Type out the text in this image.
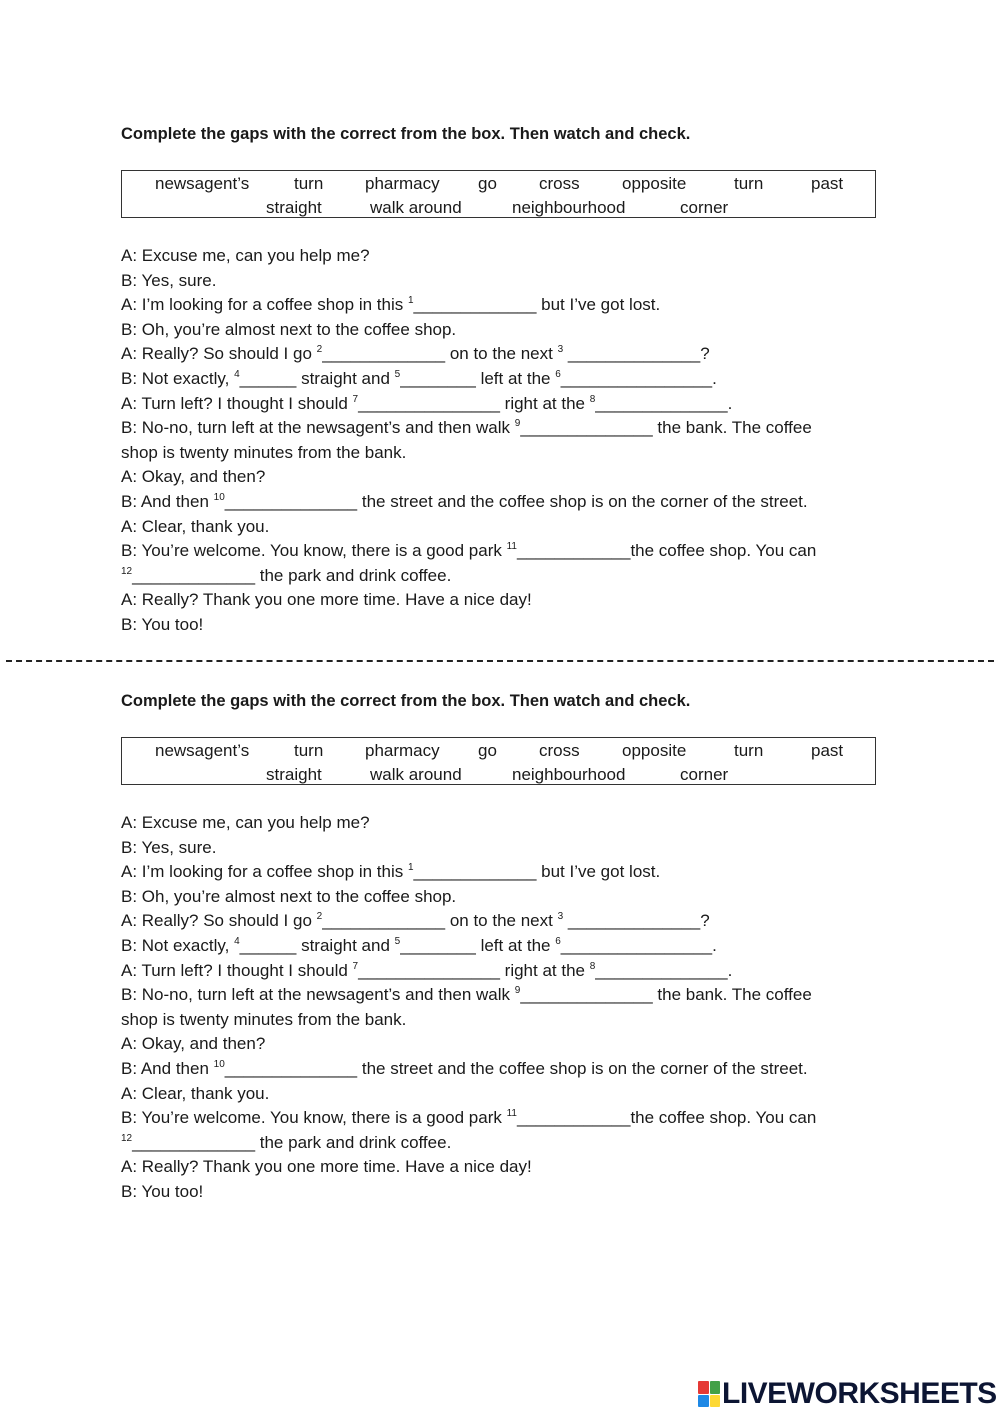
Complete the gaps with the correct from the box. Then watch and check.

newsagent’s	turn pharmacy go cross opposite	turn	past
straight	walk around	neighbourhood	corner
A: Excuse me, can you help me?
B: Yes, sure.
A: I’m looking for a coffee shop in this $^1$_____________ but I’ve got lost.
B: Oh, you’re almost next to the coffee shop.
A: Really? So should I go $^2$_____________ on to the next $^3$ ______________?
B: Not exactly, $^4$______ straight and $^5$________ left at the $^6$________________.
A: Turn left? I thought I should $^7$_______________ right at the $^8$______________.
B: No-no, turn left at the newsagent’s and then walk $^9$______________ the bank. The coffee
shop is twenty minutes from the bank.
A: Okay, and then?
B: And then $^{10}$______________ the street and the coffee shop is on the corner of the street.
A: Clear, thank you.
B: You’re welcome. You know, there is a good park $^{11}$____________the coffee shop. You can
$^{12}$_____________ the park and drink coffee.
A: Really? Thank you one more time. Have a nice day!
B: You too!

Complete the gaps with the correct from the box. Then watch and check.

newsagent’s	turn pharmacy go cross opposite	turn	past
straight	walk around	neighbourhood	corner
A: Excuse me, can you help me?
B: Yes, sure.
A: I’m looking for a coffee shop in this $^1$_____________ but I’ve got lost.
B: Oh, you’re almost next to the coffee shop.
A: Really? So should I go $^2$_____________ on to the next $^3$ ______________?
B: Not exactly, $^4$______ straight and $^5$________ left at the $^6$________________.
A: Turn left? I thought I should $^7$_______________ right at the $^8$______________.
B: No-no, turn left at the newsagent’s and then walk $^9$______________ the bank. The coffee
shop is twenty minutes from the bank.
A: Okay, and then?
B: And then $^{10}$______________ the street and the coffee shop is on the corner of the street.
A: Clear, thank you.
B: You’re welcome. You know, there is a good park $^{11}$____________the coffee shop. You can
$^{12}$_____________ the park and drink coffee.
A: Really? Thank you one more time. Have a nice day!
B: You too!
LIVEWORKSHEETS
